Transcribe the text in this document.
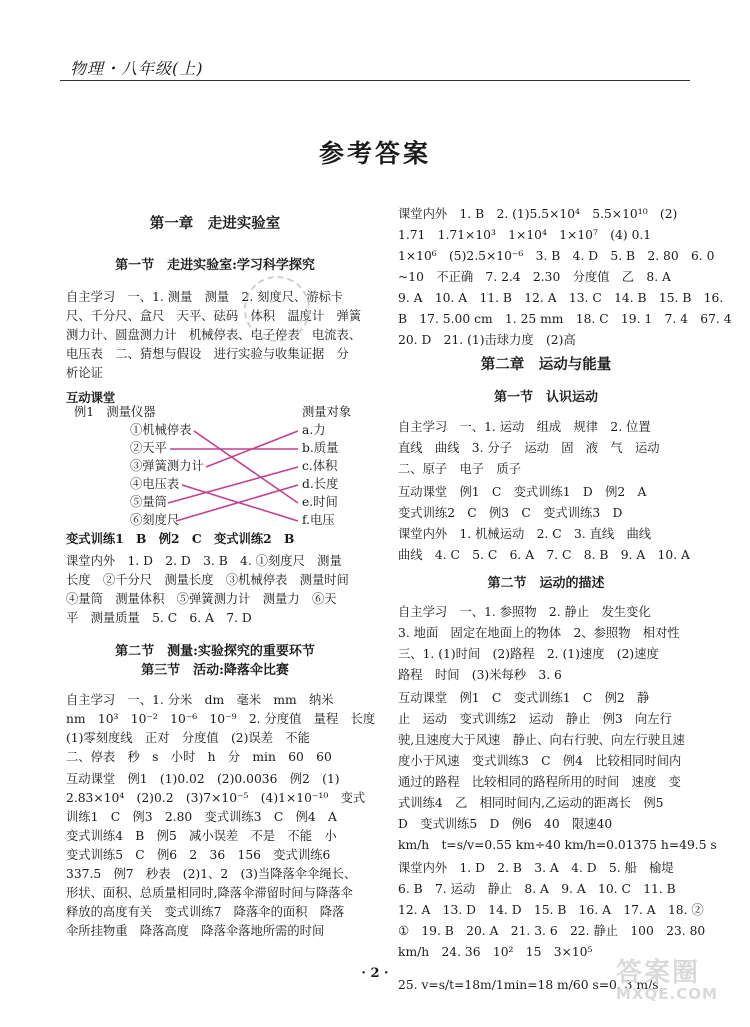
物理・八年级(上)
参考答案
第一章　走进实验室
第一节　走进实验室:学习科学探究
自主学习　一、1. 测量　测量　2. 刻度尺、游标卡
尺、千分尺、盒尺　天平、砝码　体积　温度计　弹簧
测力计、圆盘测力计　机械停表、电子停表　电流表、
电压表　二、猜想与假设　进行实验与收集证据　分
析论证
互动课堂
变式训练1　B　例2　C　变式训练2　B
课堂内外　1. D　2. D　3. B　4. ①刻度尺　测量
长度　②千分尺　测量长度　③机械停表　测量时间
④量筒　测量体积　⑤弹簧测力计　测量力　⑥天
平　测量质量　5. C　6. A　7. D
第二节　测量:实验探究的重要环节
第三节　活动:降落伞比赛
自主学习　一、1. 分米　dm　毫米　mm　纳米
nm　10³　10⁻²　10⁻⁶　10⁻⁹　2. 分度值　量程　长度
(1)零刻度线　正对　分度值　(2)误差　不能
二、停表　秒　s　小时　h　分　min　60　60
互动课堂　例1　(1)0.02　(2)0.0036　例2　(1)
2.83×10⁴　(2)0.2　(3)7×10⁻⁵　(4)1×10⁻¹⁰　变式
训练1　C　例3　2.80　变式训练3　C　例4　A
变式训练4　B　例5　减小误差　不是　不能　小
变式训练5　C　例6　2　36　156　变式训练6
337.5　例7　秒表　(2)1、2　(3)当降落伞伞绳长、
形状、面积、总质量相同时,降落伞滞留时间与降落伞
释放的高度有关　变式训练7　降落伞的面积　降落
伞所挂物重　降落高度　降落伞落地所需的时间
例1　测量仪器	测量对象
①机械停表
②天平
③弹簧测力计
④电压表
⑤量筒
⑥刻度尺
a.力
b.质量
c.体积
d.长度
e.时间
f.电压
课堂内外　1. B　2. (1)5.5×10⁴　5.5×10¹⁰　(2)
1.71　1.71×10³　1×10⁴　1×10⁷　(4) 0.1
1×10⁶　(5)2.5×10⁻⁶　3. B　4. D　5. B　2. 80　6. 0
~10　不正确　7. 2.4　2.30　分度值　乙　8. A
9. A　10. A　11. B　12. A　13. C　14. B　15. B　16.
B　17. 5.00 cm　1. 25 mm　18. C　19. 1　7. 4　67. 4
20. D　21. (1)击球力度　(2)高
第二章　运动与能量
第一节　认识运动
自主学习　一、1. 运动　组成　规律　2. 位置
直线　曲线　3. 分子　运动　固　液　气　运动
二、原子　电子　质子
互动课堂　例1　C　变式训练1　D　例2　A
变式训练2　C　例3　C　变式训练3　D
课堂内外　1. 机械运动　2. C　3. 直线　曲线
曲线　4. C　5. C　6. A　7. C　8. B　9. A　10. A
第二节　运动的描述
自主学习　一、1. 参照物　2. 静止　发生变化
3. 地面　固定在地面上的物体　2、参照物　相对性
三、1. (1)时间　(2)路程　2. (1)速度　(2)速度
路程　时间　(3)米每秒　3. 6
互动课堂　例1　C　变式训练1　C　例2　静
止　运动　变式训练2　运动　静止　例3　向左行
驶,且速度大于风速　静止、向右行驶、向左行驶且速
度小于风速　变式训练3　C　例4　比较相同时间内
通过的路程　比较相同的路程所用的时间　速度　变
式训练4　乙　相同时间内,乙运动的距离长　例5
D　变式训练5　D　例6　40　限速40
km/h　t=s/v=0.55 km÷40 km/h=0.01375 h=49.5 s
课堂内外　1. D　2. B　3. A　4. D　5. 船　榆堤
6. B　7. 运动　静止　8. A　9. A　10. C　11. B
12. A　13. D　14. D　15. B　16. A　17. A　18. ②
①　19. B　20. A　21. 3. 6　22. 静止　100　23. 80
km/h　24. 36　10²　15　3×10⁵
25. v=s/t=18m/1min=18 m/60 s=0. 3 m/s
· 2 ·	答案圈
MXQE.COM
